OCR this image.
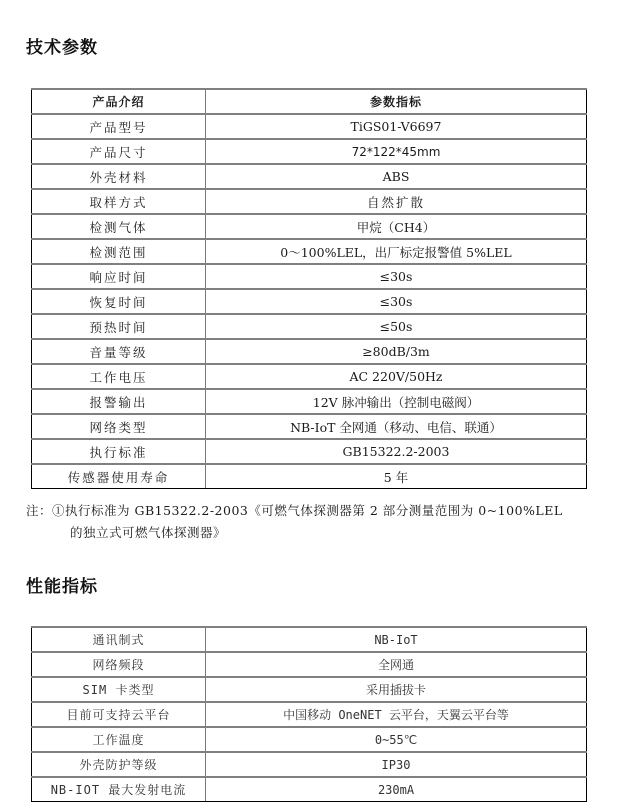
技术参数
产品介绍	参数指标
产品型号	TiGS01-V6697
产品尺寸	72*122*45mm
外壳材料	ABS
取样方式	自然扩散
检测气体	甲烷（CH4）
检测范围	0～100%LEL，出厂标定报警值 5%LEL
响应时间	≤30s
恢复时间	≤30s
预热时间	≤50s
音量等级	≥80dB/3m
工作电压	AC 220V/50Hz
报警输出	12V 脉冲输出（控制电磁阀）
网络类型	NB-IoT 全网通（移动、电信、联通）
执行标准	GB15322.2-2003
传感器使用寿命	5 年
注：①执行标准为 GB15322.2-2003《可燃气体探测器第 2 部分测量范围为 0~100%LEL
的独立式可燃气体探测器》
性能指标
通讯制式	NB-IoT
网络频段	全网通
SIM 卡类型	采用插拔卡
目前可支持云平台	中国移动 OneNET 云平台，天翼云平台等
工作温度	0~55℃
外壳防护等级	IP30
NB-IOT 最大发射电流	230mA
